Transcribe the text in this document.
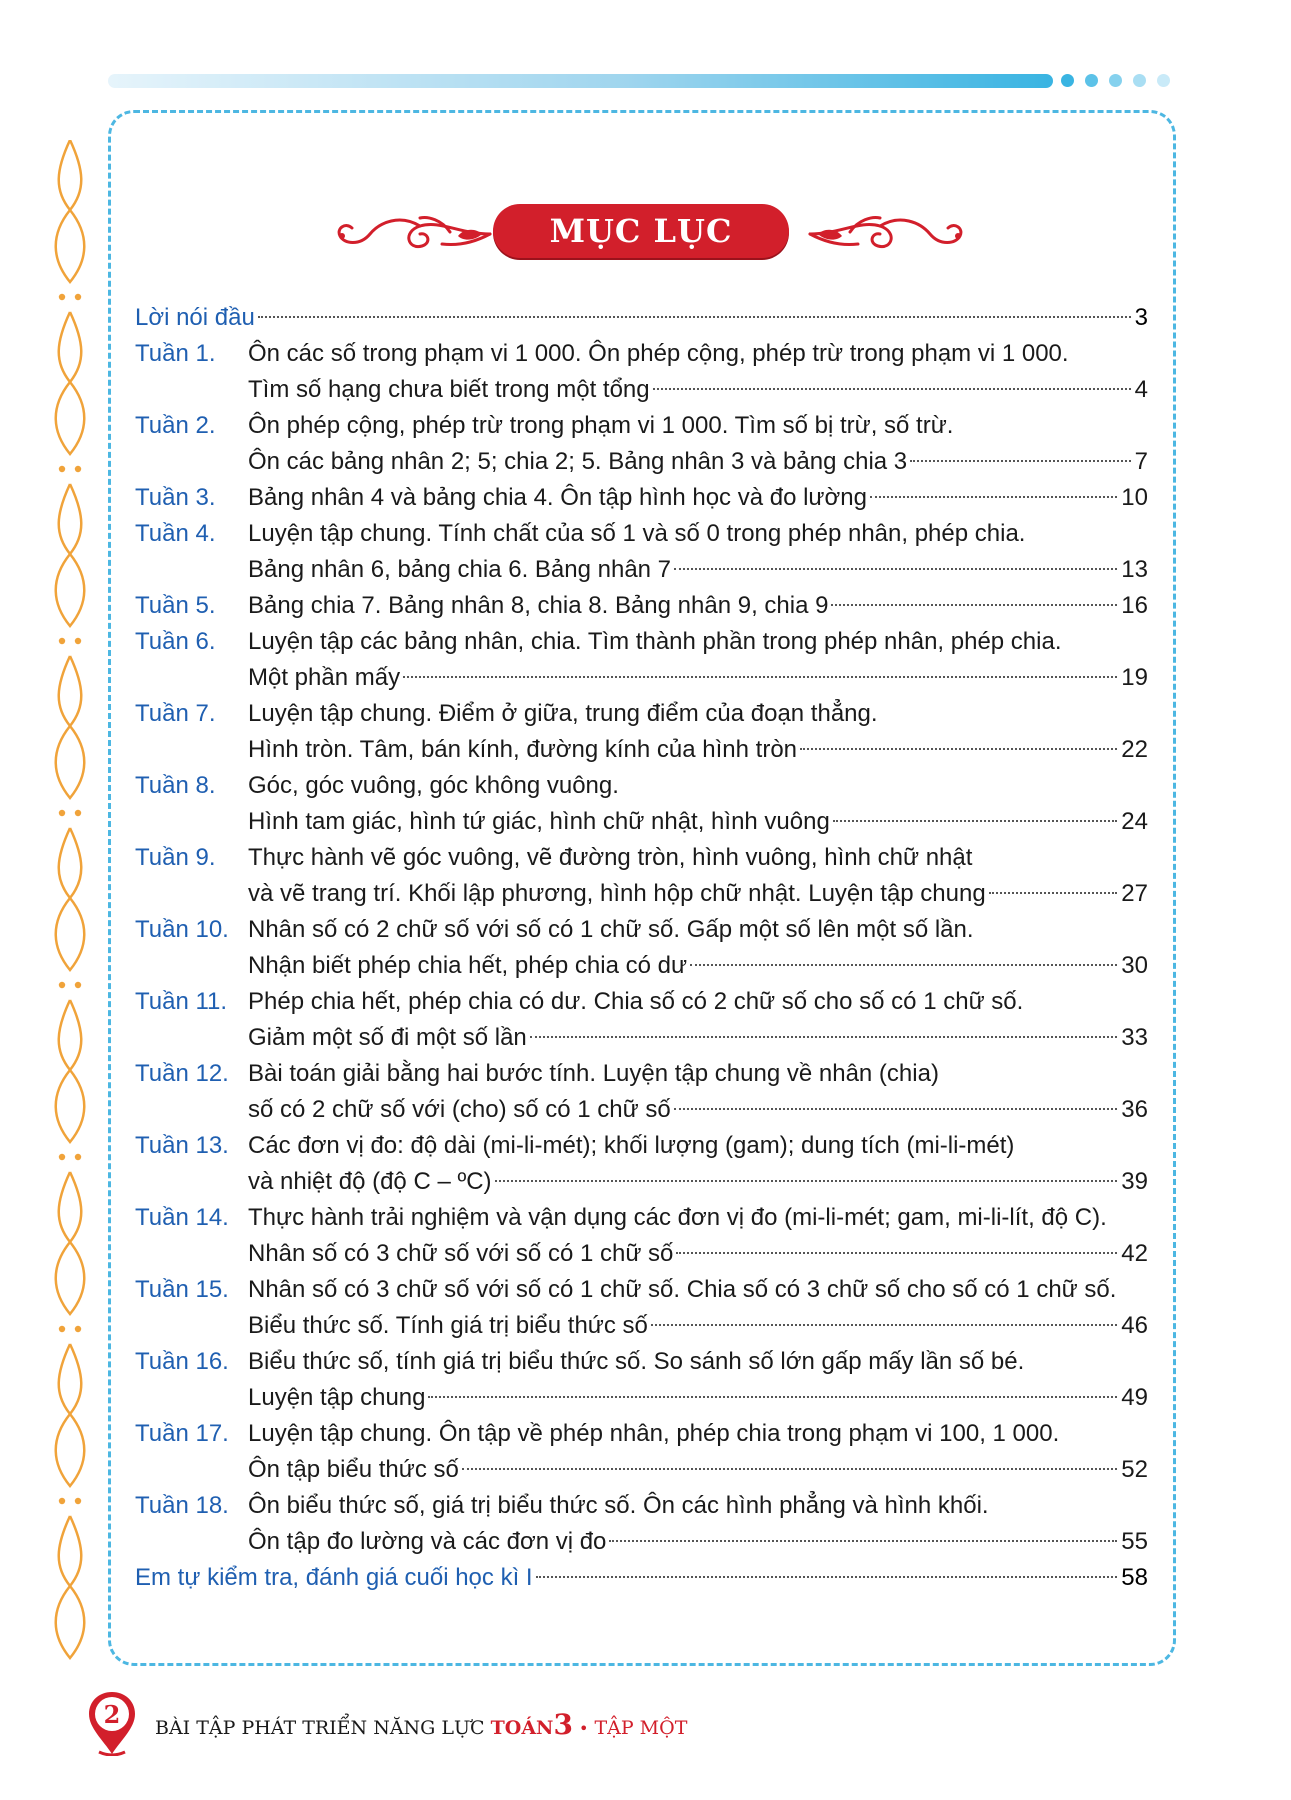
MỤC LỤC
Lời nói đầu	3
Tuần 1. Ôn các số trong phạm vi 1 000. Ôn phép cộng, phép trừ trong phạm vi 1 000.
Tìm số hạng chưa biết trong một tổng	4
Tuần 2. Ôn phép cộng, phép trừ trong phạm vi 1 000. Tìm số bị trừ, số trừ.
Ôn các bảng nhân 2; 5; chia 2; 5. Bảng nhân 3 và bảng chia 3	7
Tuần 3. Bảng nhân 4 và bảng chia 4. Ôn tập hình học và đo lường	10
Tuần 4. Luyện tập chung. Tính chất của số 1 và số 0 trong phép nhân, phép chia.
Bảng nhân 6, bảng chia 6. Bảng nhân 7	13
Tuần 5. Bảng chia 7. Bảng nhân 8, chia 8. Bảng nhân 9, chia 9	16
Tuần 6. Luyện tập các bảng nhân, chia. Tìm thành phần trong phép nhân, phép chia.
Một phần mấy	19
Tuần 7. Luyện tập chung. Điểm ở giữa, trung điểm của đoạn thẳng.
Hình tròn. Tâm, bán kính, đường kính của hình tròn	22
Tuần 8. Góc, góc vuông, góc không vuông.
Hình tam giác, hình tứ giác, hình chữ nhật, hình vuông	24
Tuần 9. Thực hành vẽ góc vuông, vẽ đường tròn, hình vuông, hình chữ nhật
và vẽ trang trí. Khối lập phương, hình hộp chữ nhật. Luyện tập chung	27
Tuần 10. Nhân số có 2 chữ số với số có 1 chữ số. Gấp một số lên một số lần.
Nhận biết phép chia hết, phép chia có dư	30
Tuần 11. Phép chia hết, phép chia có dư. Chia số có 2 chữ số cho số có 1 chữ số.
Giảm một số đi một số lần	33
Tuần 12. Bài toán giải bằng hai bước tính. Luyện tập chung về nhân (chia)
số có 2 chữ số với (cho) số có 1 chữ số	36
Tuần 13. Các đơn vị đo: độ dài (mi-li-mét); khối lượng (gam); dung tích (mi-li-mét)
và nhiệt độ (độ C – ºC)	39
Tuần 14. Thực hành trải nghiệm và vận dụng các đơn vị đo (mi-li-mét; gam, mi-li-lít, độ C).
Nhân số có 3 chữ số với số có 1 chữ số	42
Tuần 15. Nhân số có 3 chữ số với số có 1 chữ số. Chia số có 3 chữ số cho số có 1 chữ số.
Biểu thức số. Tính giá trị biểu thức số	46
Tuần 16. Biểu thức số, tính giá trị biểu thức số. So sánh số lớn gấp mấy lần số bé.
Luyện tập chung	49
Tuần 17. Luyện tập chung. Ôn tập về phép nhân, phép chia trong phạm vi 100, 1 000.
Ôn tập biểu thức số	52
Tuần 18. Ôn biểu thức số, giá trị biểu thức số. Ôn các hình phẳng và hình khối.
Ôn tập đo lường và các đơn vị đo	55
Em tự kiểm tra, đánh giá cuối học kì I	58
2 BÀI TẬP PHÁT TRIỂN NĂNG LỰC TOÁN3 • TẬP MỘT
